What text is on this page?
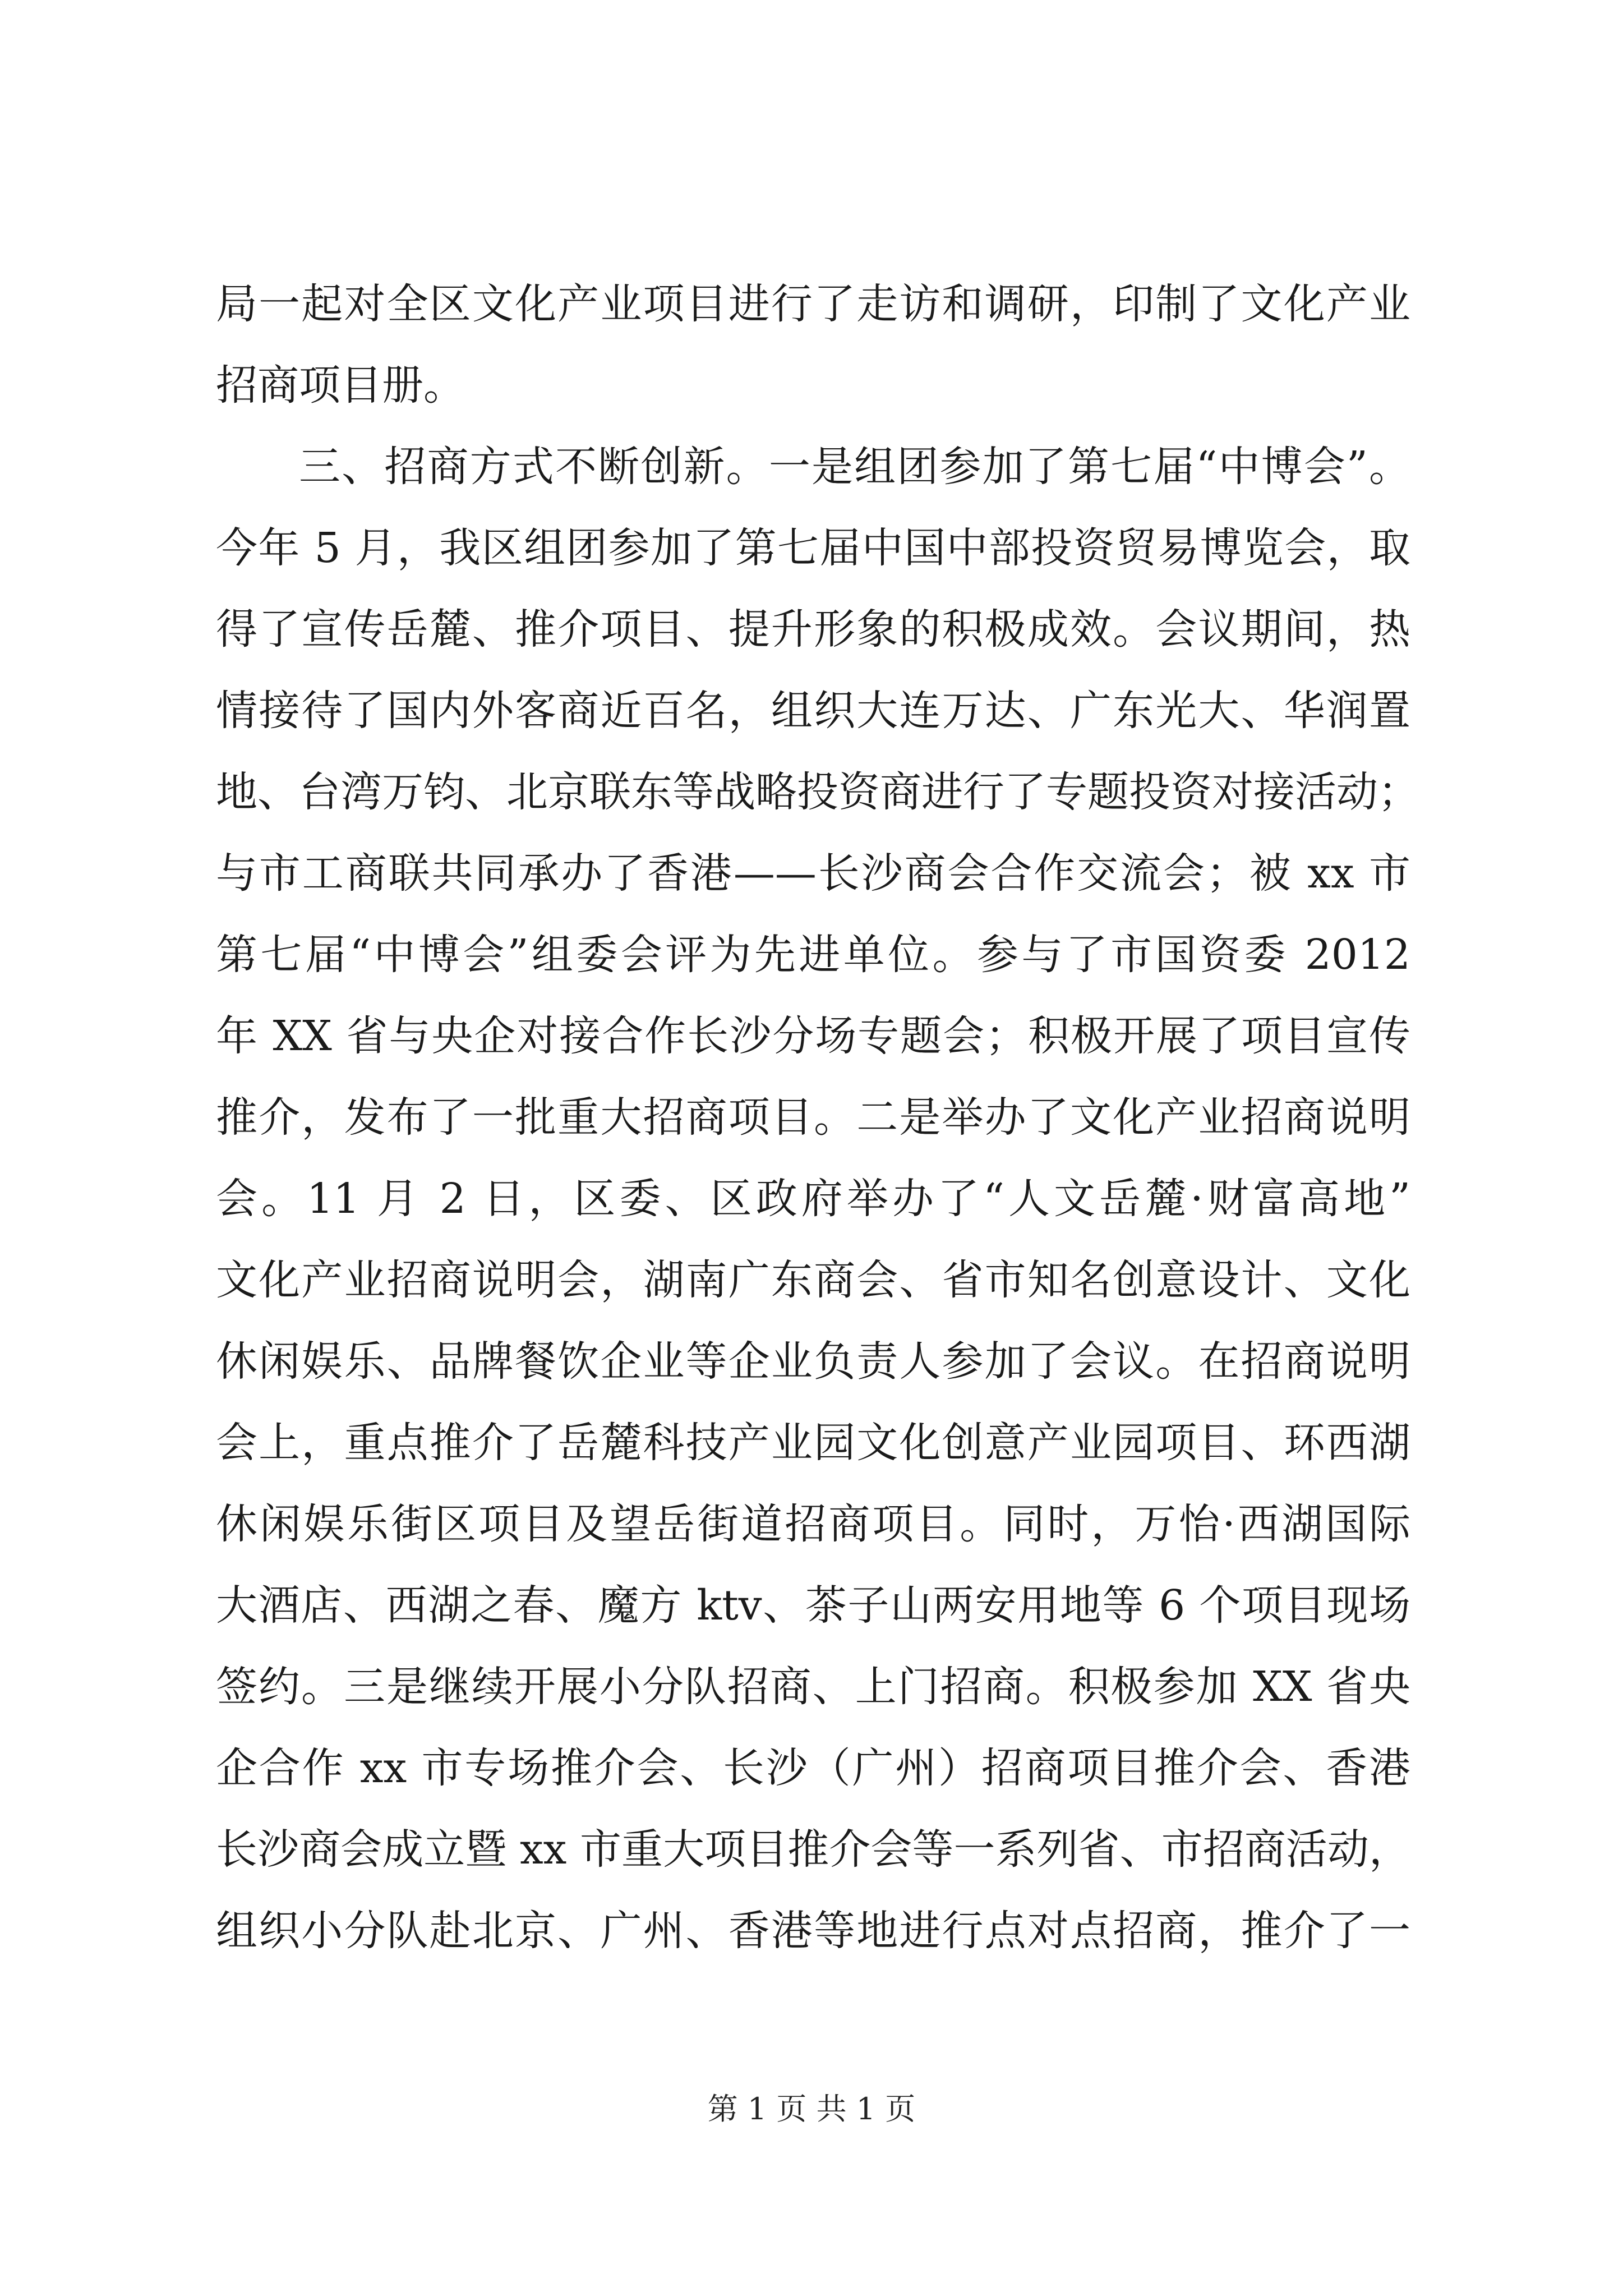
局一起对全区文化产业项目进行了走访和调研，印制了文化产业
招商项目册。
三、招商方式不断创新。一是组团参加了第七届“中博会”。
今年 5 月，我区组团参加了第七届中国中部投资贸易博览会，取
得了宣传岳麓、推介项目、提升形象的积极成效。会议期间，热
情接待了国内外客商近百名，组织大连万达、广东光大、华润置
地、台湾万钧、北京联东等战略投资商进行了专题投资对接活动；
与市工商联共同承办了香港——长沙商会合作交流会；被 xx 市
第七届“中博会”组委会评为先进单位。参与了市国资委 2012
年 XX 省与央企对接合作长沙分场专题会；积极开展了项目宣传
推介，发布了一批重大招商项目。二是举办了文化产业招商说明
会。11 月 2 日，区委、区政府举办了“人文岳麓·财富高地”
文化产业招商说明会，湖南广东商会、省市知名创意设计、文化
休闲娱乐、品牌餐饮企业等企业负责人参加了会议。在招商说明
会上，重点推介了岳麓科技产业园文化创意产业园项目、环西湖
休闲娱乐街区项目及望岳街道招商项目。同时，万怡·西湖国际
大酒店、西湖之春、魔方 ktv、茶子山两安用地等 6 个项目现场
签约。三是继续开展小分队招商、上门招商。积极参加 XX 省央
企合作 xx 市专场推介会、长沙（广州）招商项目推介会、香港
长沙商会成立暨 xx 市重大项目推介会等一系列省、市招商活动，
组织小分队赴北京、广州、香港等地进行点对点招商，推介了一
第 1 页 共 1 页
